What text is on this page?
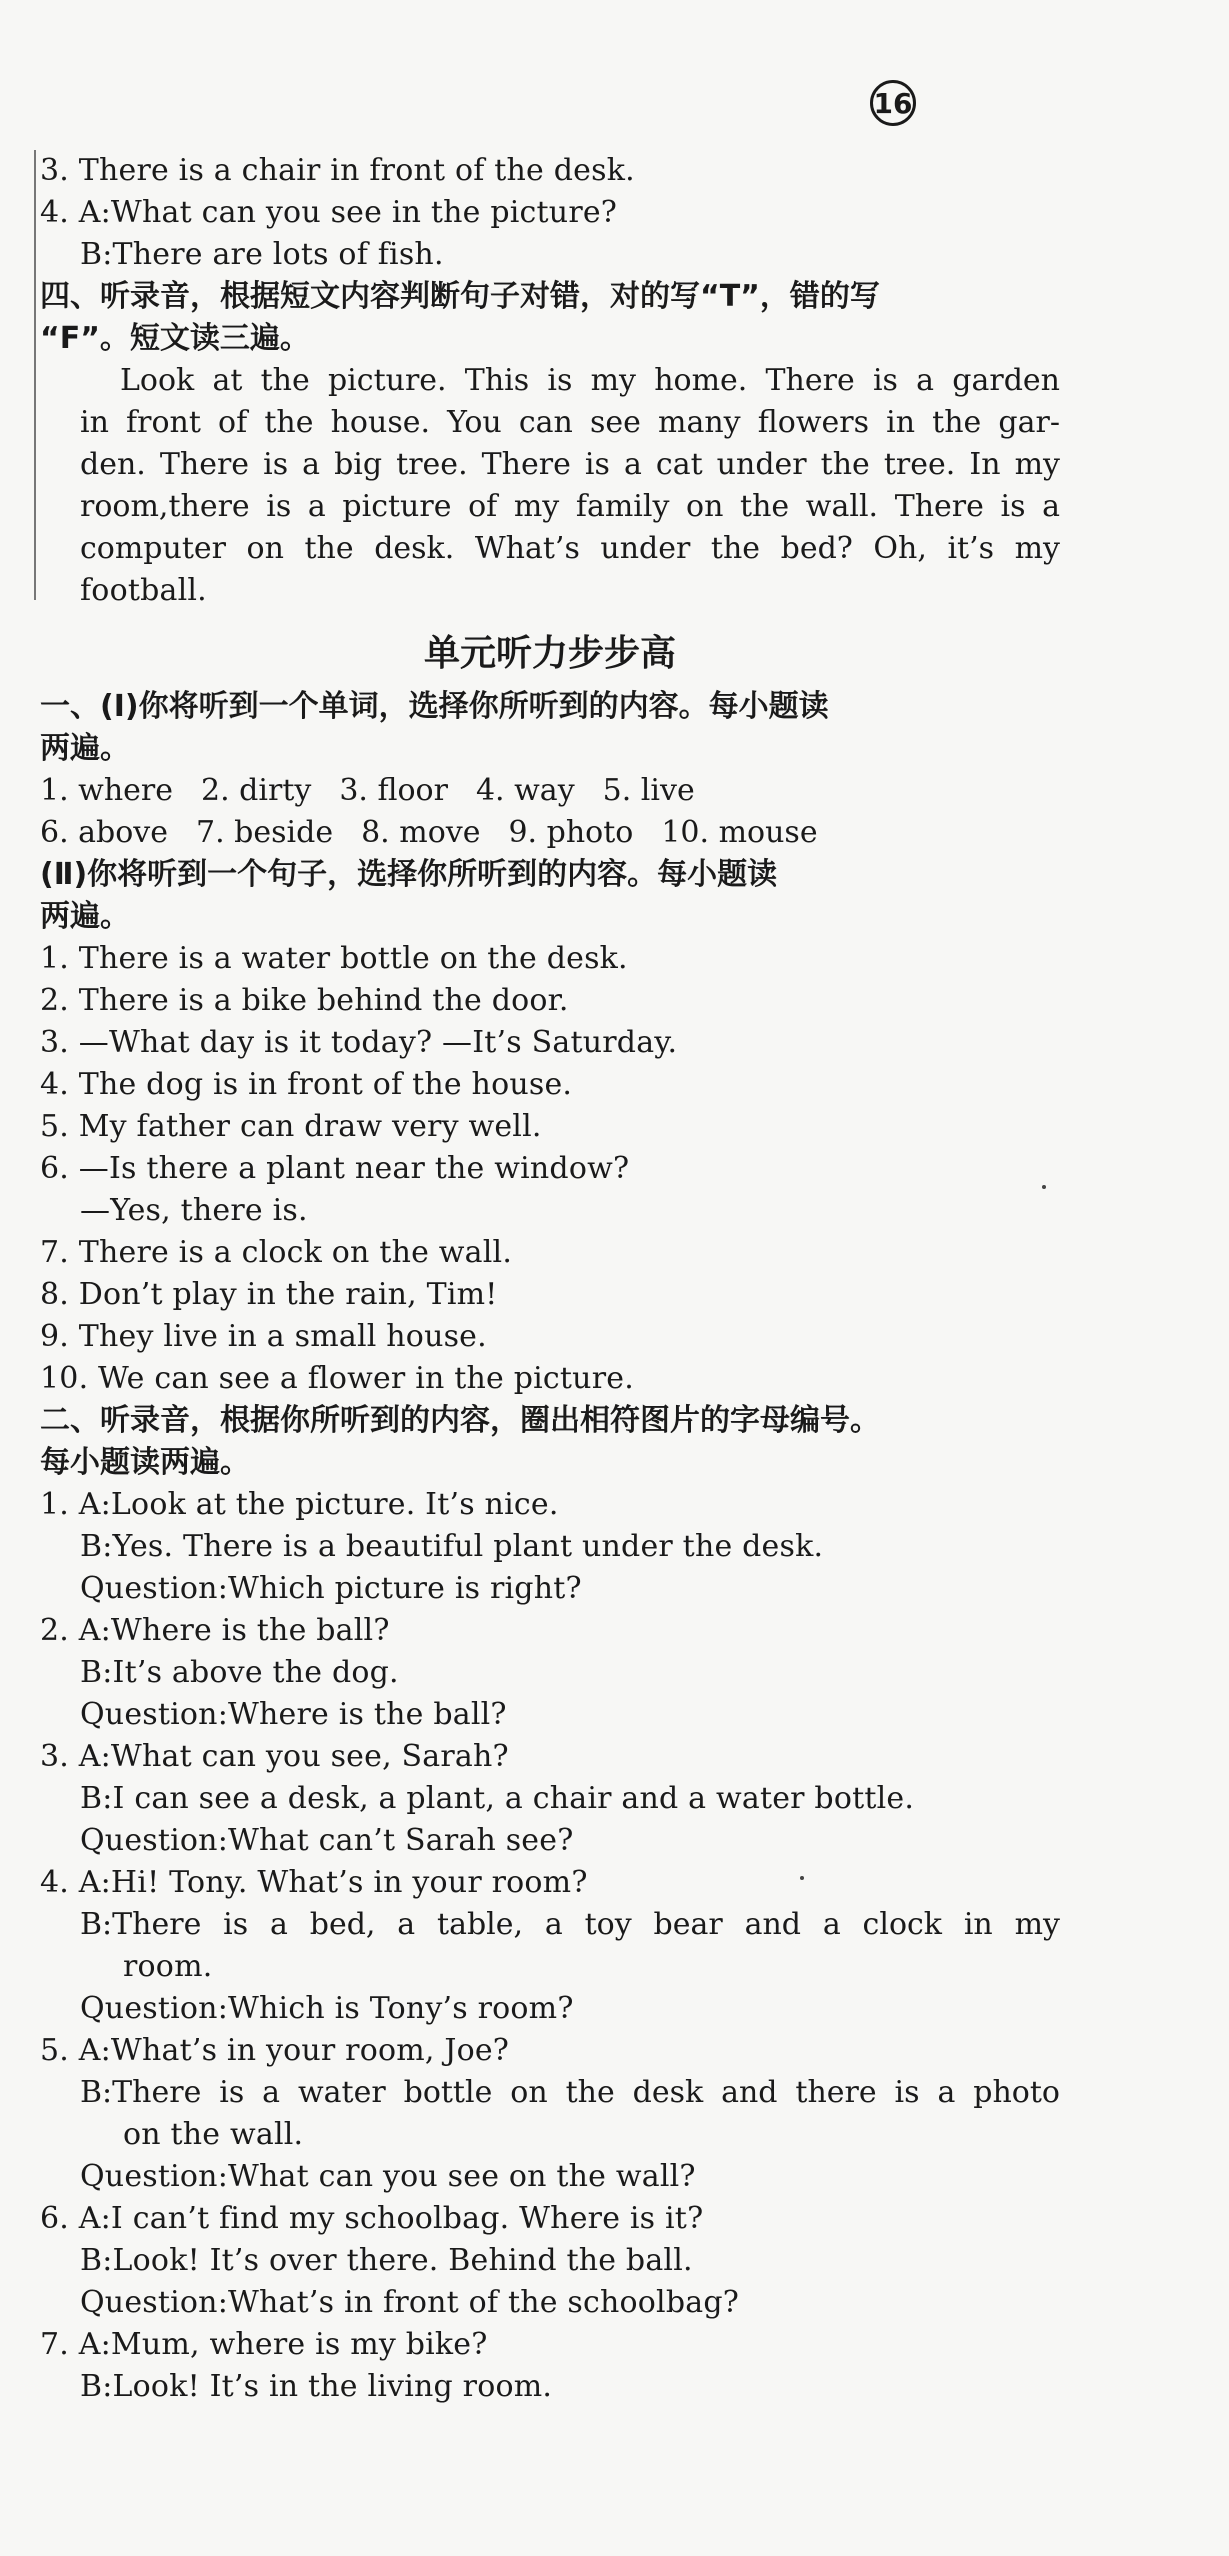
16
3. There is a chair in front of the desk.
4. A:What can you see in the picture?
B:There are lots of fish.
四、听录音，根据短文内容判断句子对错，对的写“T”，错的写
“F”。短文读三遍。
Look at the picture. This is my home. There is a garden
in front of the house. You can see many flowers in the gar-
den. There is a big tree. There is a cat under the tree. In my
room,there is a picture of my family on the wall. There is a
computer on the desk. What’s under the bed? Oh, it’s my
football.
单元听力步步高
一、(Ⅰ)你将听到一个单词，选择你所听到的内容。每小题读
两遍。
1. where 2. dirty 3. floor 4. way 5. live
6. above 7. beside 8. move 9. photo 10. mouse
(Ⅱ)你将听到一个句子，选择你所听到的内容。每小题读
两遍。
1. There is a water bottle on the desk.
2. There is a bike behind the door.
3. —What day is it today? —It’s Saturday.
4. The dog is in front of the house.
5. My father can draw very well.
6. —Is there a plant near the window?
—Yes, there is.
7. There is a clock on the wall.
8. Don’t play in the rain, Tim!
9. They live in a small house.
10. We can see a flower in the picture.
二、听录音，根据你所听到的内容，圈出相符图片的字母编号。
每小题读两遍。
1. A:Look at the picture. It’s nice.
B:Yes. There is a beautiful plant under the desk.
Question:Which picture is right?
2. A:Where is the ball?
B:It’s above the dog.
Question:Where is the ball?
3. A:What can you see, Sarah?
B:I can see a desk, a plant, a chair and a water bottle.
Question:What can’t Sarah see?
4. A:Hi! Tony. What’s in your room?
B:There is a bed, a table, a toy bear and a clock in my
room.
Question:Which is Tony’s room?
5. A:What’s in your room, Joe?
B:There is a water bottle on the desk and there is a photo
on the wall.
Question:What can you see on the wall?
6. A:I can’t find my schoolbag. Where is it?
B:Look! It’s over there. Behind the ball.
Question:What’s in front of the schoolbag?
7. A:Mum, where is my bike?
B:Look! It’s in the living room.
